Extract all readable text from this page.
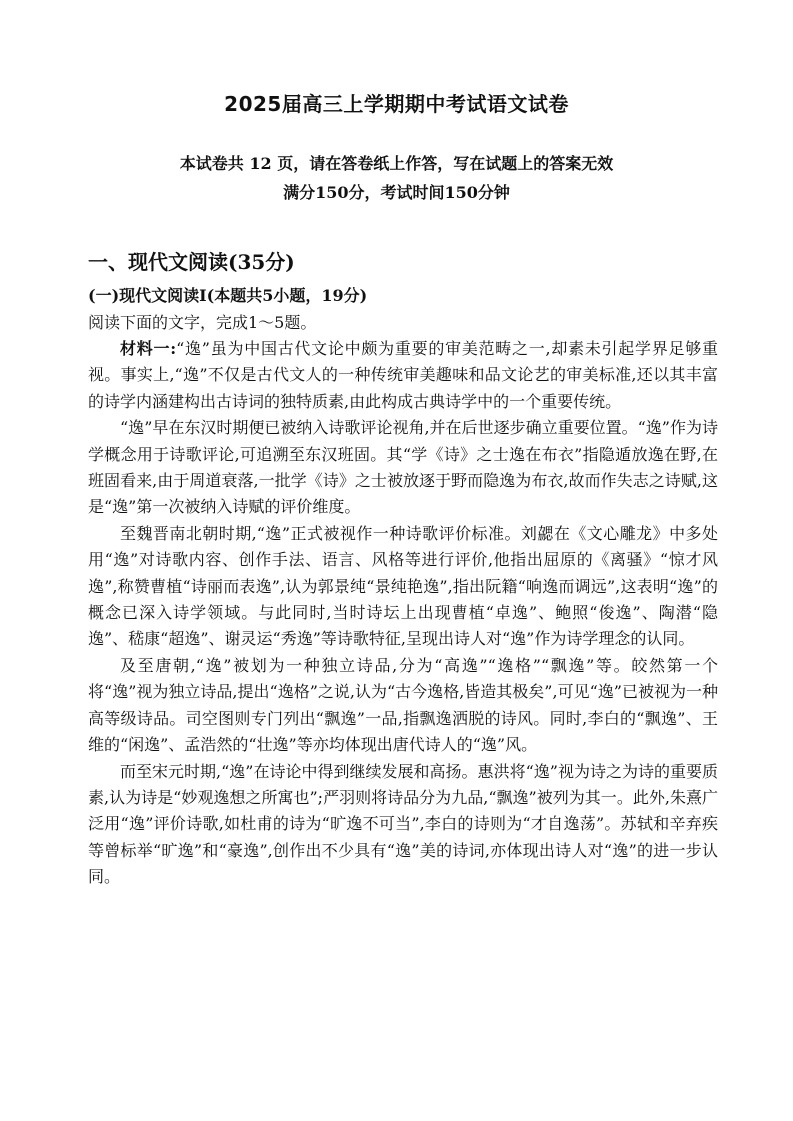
2025届高三上学期期中考试语文试卷
本试卷共 12 页，请在答卷纸上作答，写在试题上的答案无效
满分150分，考试时间150分钟
一、现代文阅读(35分)
(一)现代文阅读Ⅰ(本题共5小题，19分)
阅读下面的文字，完成1～5题。

材料一:“逸”虽为中国古代文论中颇为重要的审美范畴之一,却素未引起学界足够重视。事实上,“逸”不仅是古代文人的一种传统审美趣味和品文论艺的审美标准,还以其丰富的诗学内涵建构出古诗词的独特质素,由此构成古典诗学中的一个重要传统。

“逸”早在东汉时期便已被纳入诗歌评论视角,并在后世逐步确立重要位置。“逸”作为诗学概念用于诗歌评论,可追溯至东汉班固。其“学《诗》之士逸在布衣”指隐遁放逸在野,在班固看来,由于周道衰落,一批学《诗》之士被放逐于野而隐逸为布衣,故而作失志之诗赋,这是“逸”第一次被纳入诗赋的评价维度。

至魏晋南北朝时期,“逸”正式被视作一种诗歌评价标准。刘勰在《文心雕龙》中多处用“逸”对诗歌内容、创作手法、语言、风格等进行评价,他指出屈原的《离骚》“惊才风逸”,称赞曹植“诗丽而表逸”,认为郭景纯“景纯艳逸”,指出阮籍“响逸而调远”,这表明“逸”的概念已深入诗学领域。与此同时,当时诗坛上出现曹植“卓逸”、鲍照“俊逸”、陶潜“隐逸”、嵇康“超逸”、谢灵运“秀逸”等诗歌特征,呈现出诗人对“逸”作为诗学理念的认同。

及至唐朝,“逸”被划为一种独立诗品,分为“高逸”“逸格”“飘逸”等。皎然第一个将“逸”视为独立诗品,提出“逸格”之说,认为“古今逸格,皆造其极矣”,可见“逸”已被视为一种高等级诗品。司空图则专门列出“飘逸”一品,指飘逸洒脱的诗风。同时,李白的“飘逸”、王维的“闲逸”、孟浩然的“壮逸”等亦均体现出唐代诗人的“逸”风。

而至宋元时期,“逸”在诗论中得到继续发展和高扬。惠洪将“逸”视为诗之为诗的重要质素,认为诗是“妙观逸想之所寓也”;严羽则将诗品分为九品,“飘逸”被列为其一。此外,朱熹广泛用“逸”评价诗歌,如杜甫的诗为“旷逸不可当”,李白的诗则为“才自逸荡”。苏轼和辛弃疾等曾标举“旷逸”和“豪逸”,创作出不少具有“逸”美的诗词,亦体现出诗人对“逸”的进一步认同。
